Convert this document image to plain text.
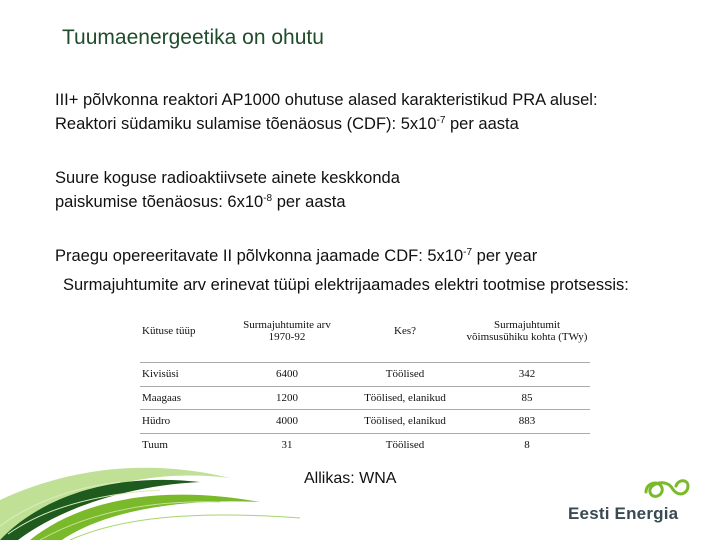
Tuumaenergeetika on ohutu
III+ põlvkonna reaktori AP1000 ohutuse alased karakteristikud PRA alusel:
Reaktori südamiku sulamise tõenäosus (CDF): $5x10^{-7}$ per aasta
Suure koguse radioaktiivsete ainete keskkonda
paiskumise tõenäosus: $6x10^{-8}$ per aasta
Praegu opereeritavate II põlvkonna jaamade CDF: $5x10^{-7}$ per year
Surmajuhtumite arv erinevat tüüpi elektrijaamades elektri tootmise protsessis:
Kütuse tüüp	Surmajuhtumite arv 1970-92	Kes?	Surmajuhtumit võimsusühiku kohta (TWy)
Kivisüsi	6400	Töölised	342
Maagaas	1200	Töölised, elanikud	85
Hüdro	4000	Töölised, elanikud	883
Tuum	31	Töölised	8
Allikas: WNA
Eesti Energia
